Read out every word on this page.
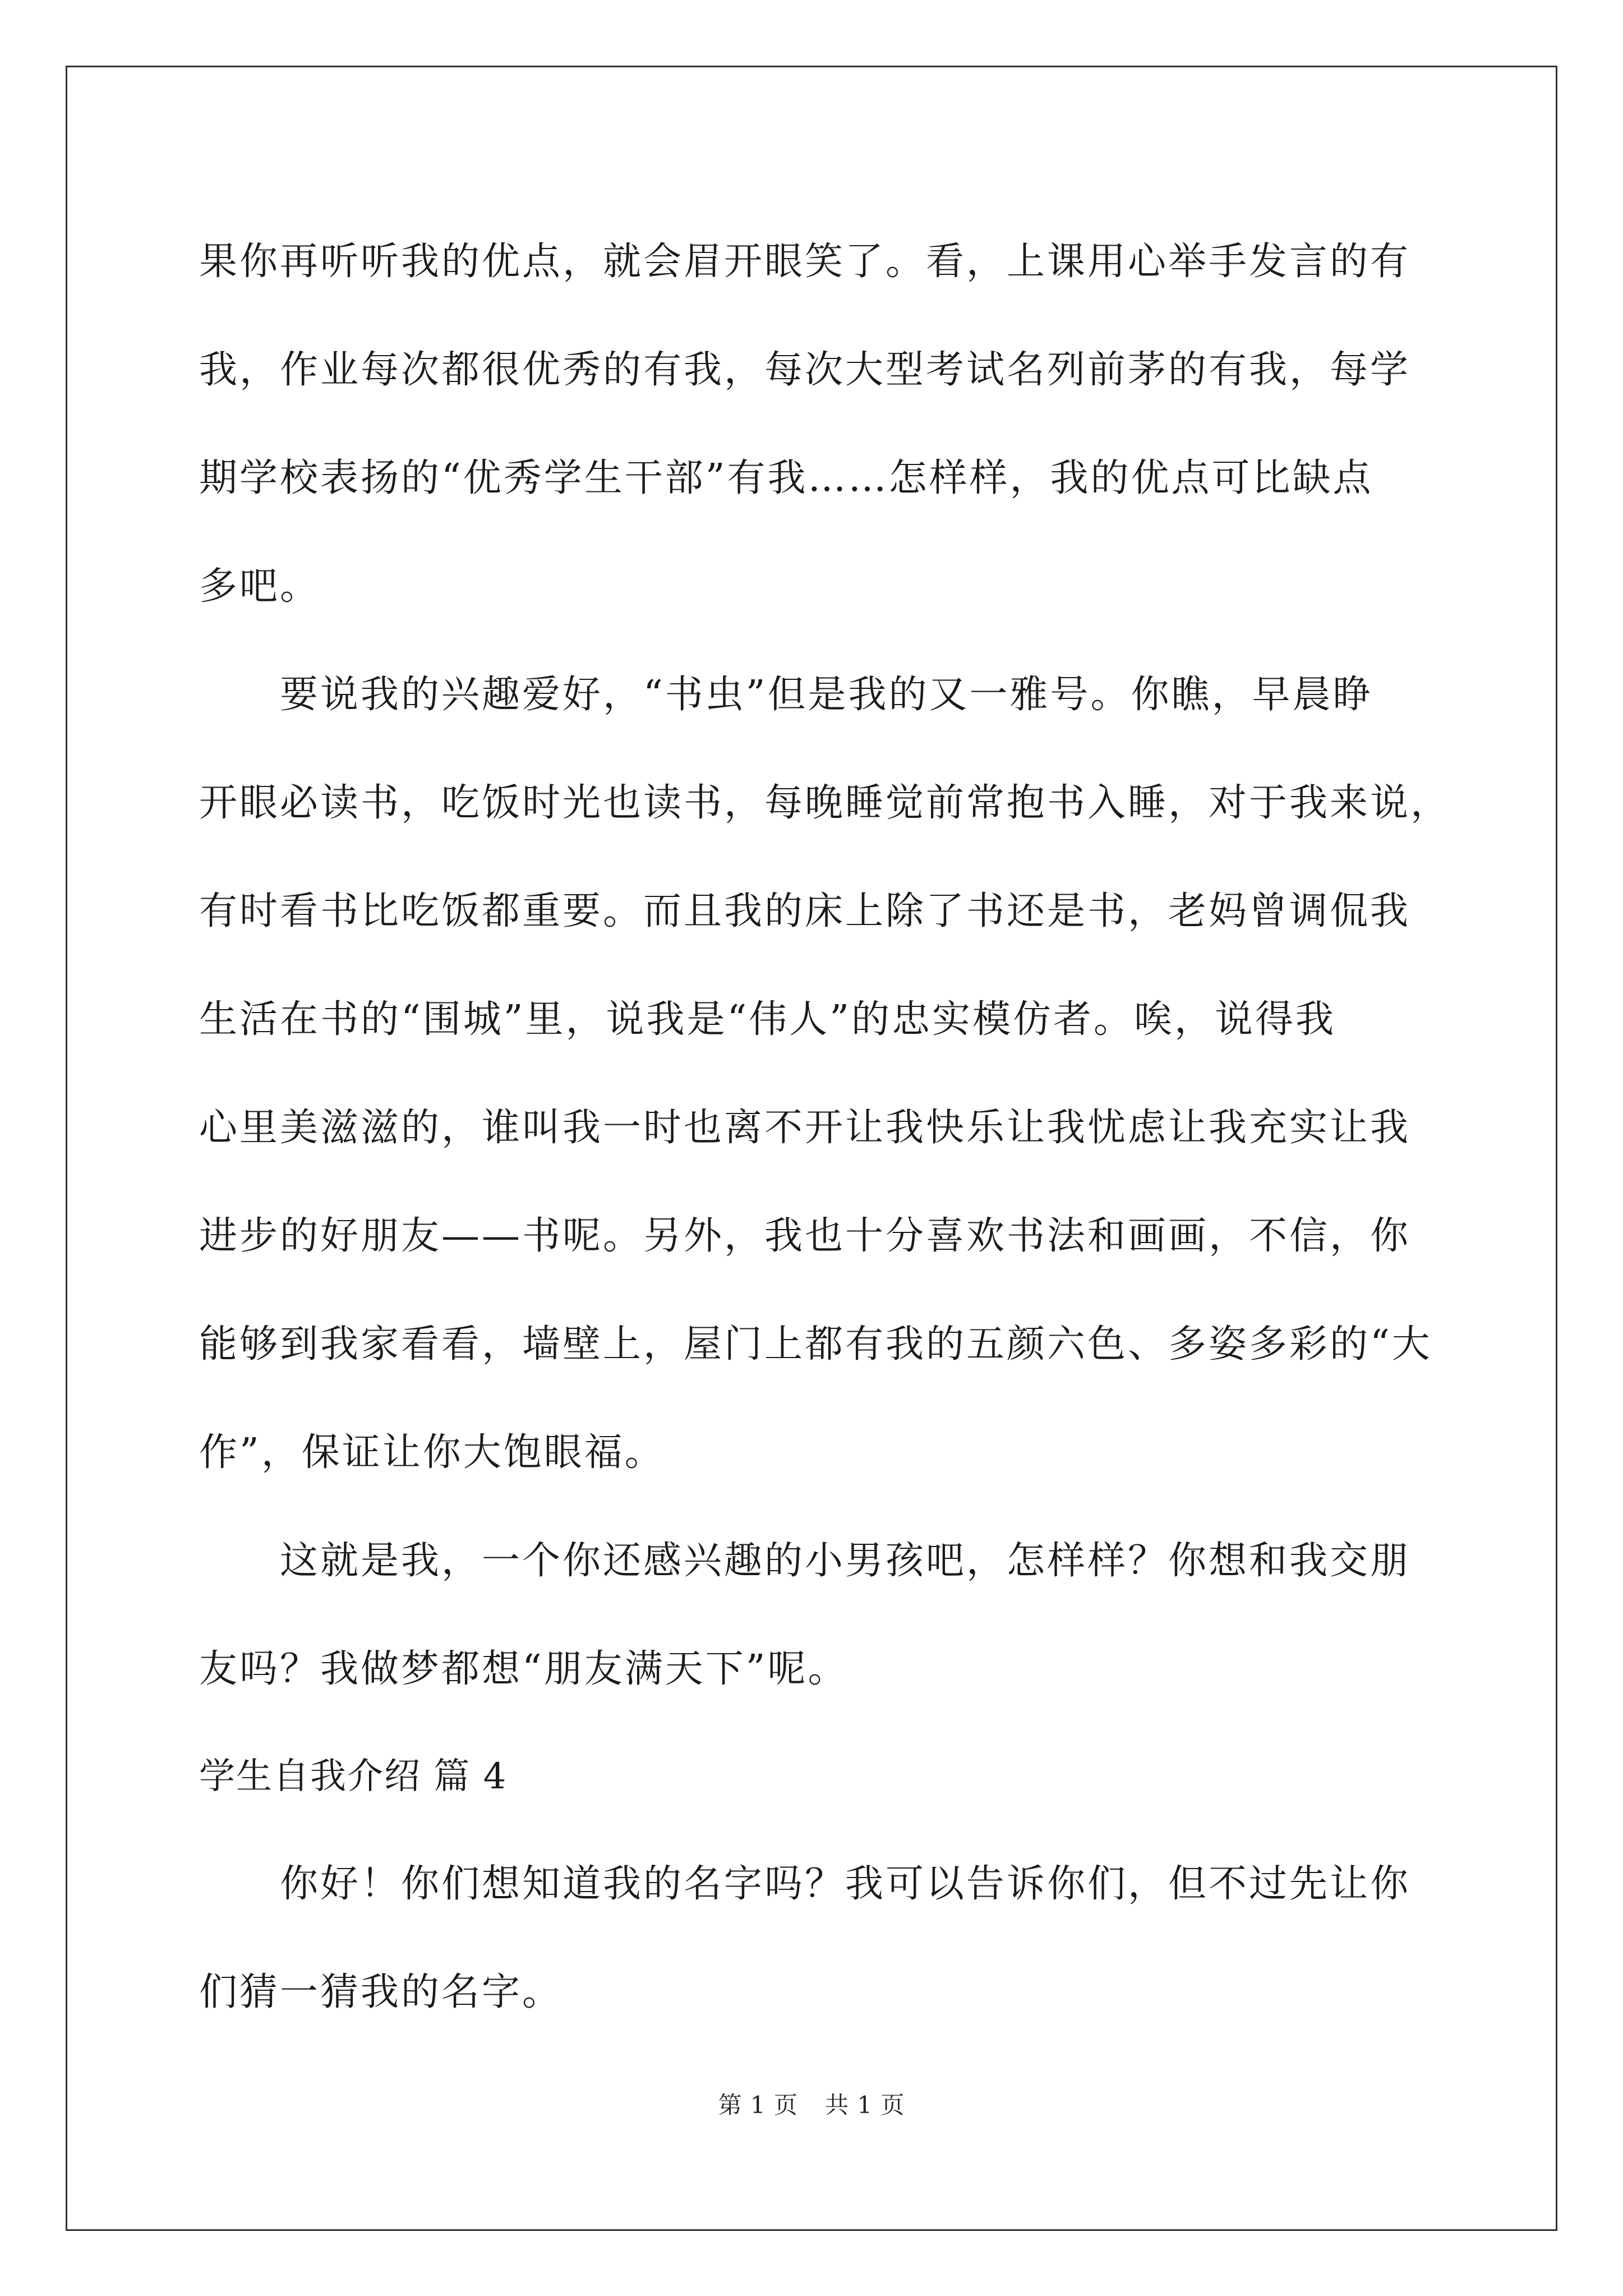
果你再听听我的优点，就会眉开眼笑了。看，上课用心举手发言的有
我，作业每次都很优秀的有我，每次大型考试名列前茅的有我，每学
期学校表扬的“优秀学生干部”有我……怎样样，我的优点可比缺点
多吧。
　　要说我的兴趣爱好，“书虫”但是我的又一雅号。你瞧，早晨睁
开眼必读书，吃饭时光也读书，每晚睡觉前常抱书入睡，对于我来说，
有时看书比吃饭都重要。而且我的床上除了书还是书，老妈曾调侃我
生活在书的“围城”里，说我是“伟人”的忠实模仿者。唉，说得我
心里美滋滋的，谁叫我一时也离不开让我快乐让我忧虑让我充实让我
进步的好朋友——书呢。另外，我也十分喜欢书法和画画，不信，你
能够到我家看看，墙壁上，屋门上都有我的五颜六色、多姿多彩的“大
作”，保证让你大饱眼福。
　　这就是我，一个你还感兴趣的小男孩吧，怎样样？你想和我交朋
友吗？我做梦都想“朋友满天下”呢。
学生自我介绍 篇 4
　　你好！你们想知道我的名字吗？我可以告诉你们，但不过先让你
们猜一猜我的名字。
第 1 页 共 1 页
